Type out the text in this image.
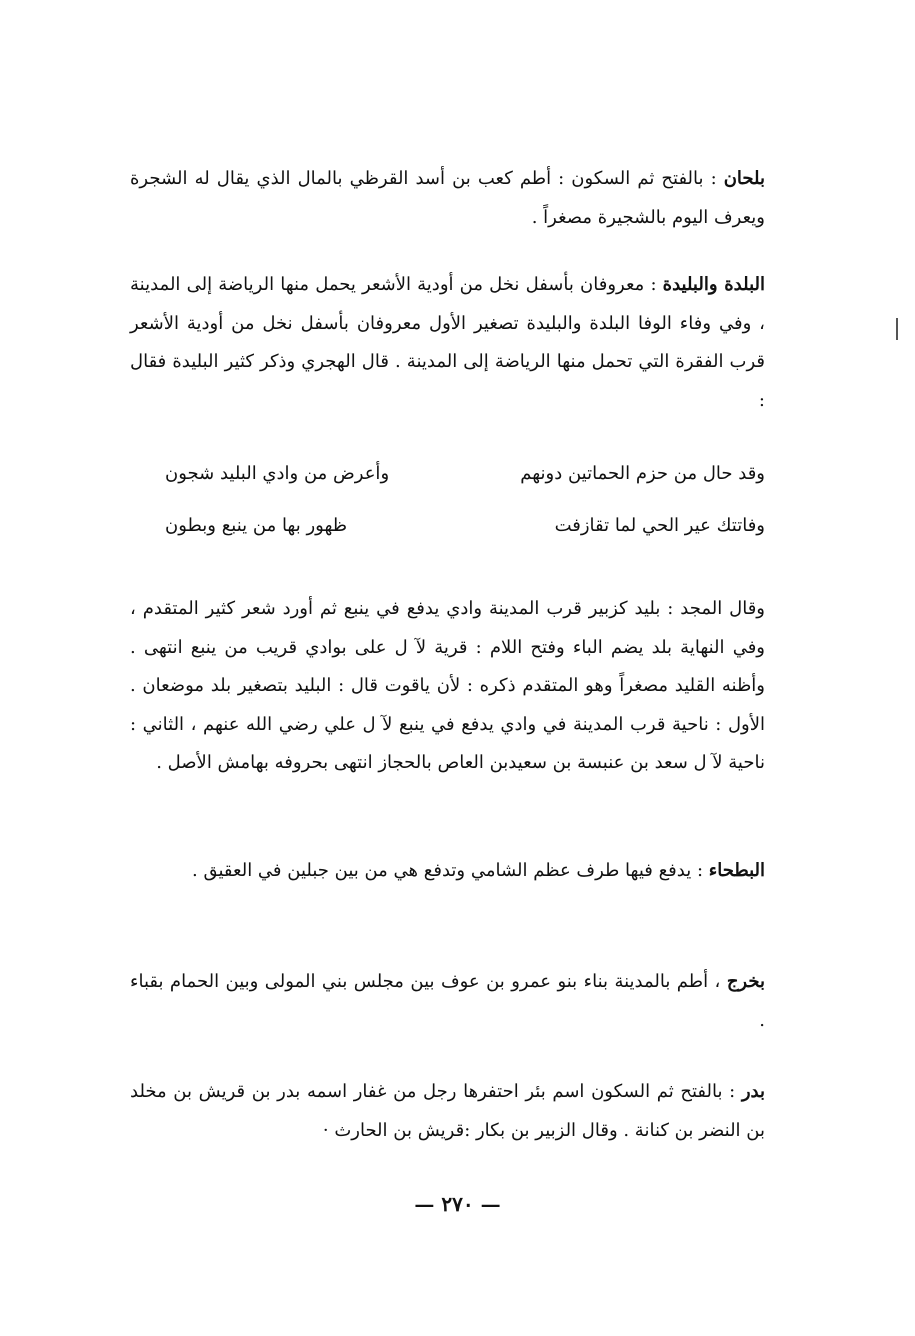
بلحان : بالفتح ثم السكون : أطم كعب بن أسد القرظي بالمال الذي يقال له الشجرة ويعرف اليوم بالشجيرة مصغراً .
البلدة والبليدة : معروفان بأسفل نخل من أودية الأشعر يحمل منها الرياضة إلى المدينة ، وفي وفاء الوفا البلدة والبليدة تصغير الأول معروفان بأسفل نخل من أودية الأشعر قرب الفقرة التي تحمل منها الرياضة إلى المدينة . قال الهجري وذكر كثير البليدة فقال :
وقد حال من حزم الحماتين دونهم
وأعرض من وادي البليد شجون
وفاتتك عير الحي لما تقازفت
ظهور بها من ينبع وبطون
وقال المجد : بليد كزبير قرب المدينة وادي يدفع في ينبع ثم أورد شعر كثير المتقدم ، وفي النهاية بلد يضم الباء وفتح اللام : قرية لآ ل على بوادي قريب من ينبع انتهى . وأظنه القليد مصغراً وهو المتقدم ذكره : لأن ياقوت قال : البليد بتصغير بلد موضعان . الأول : ناحية قرب المدينة في وادي يدفع في ينبع لآ ل علي رضي الله عنهم ، الثاني : ناحية لآ ل سعد بن عنبسة بن سعيدبن العاص بالحجاز انتهى بحروفه بهامش الأصل .
البطحاء : يدفع فيها طرف عظم الشامي وتدفع هي من بين جبلين في العقيق .
بخرج ، أطم بالمدينة بناء بنو عمرو بن عوف بين مجلس بني المولى وبين الحمام بقباء .
بدر : بالفتح ثم السكون اسم بئر احتفرها رجل من غفار اسمه بدر بن قريش بن مخلد بن النضر بن كنانة . وقال الزبير بن بكار :قريش بن الحارث ·
— ٢٧٠ —
